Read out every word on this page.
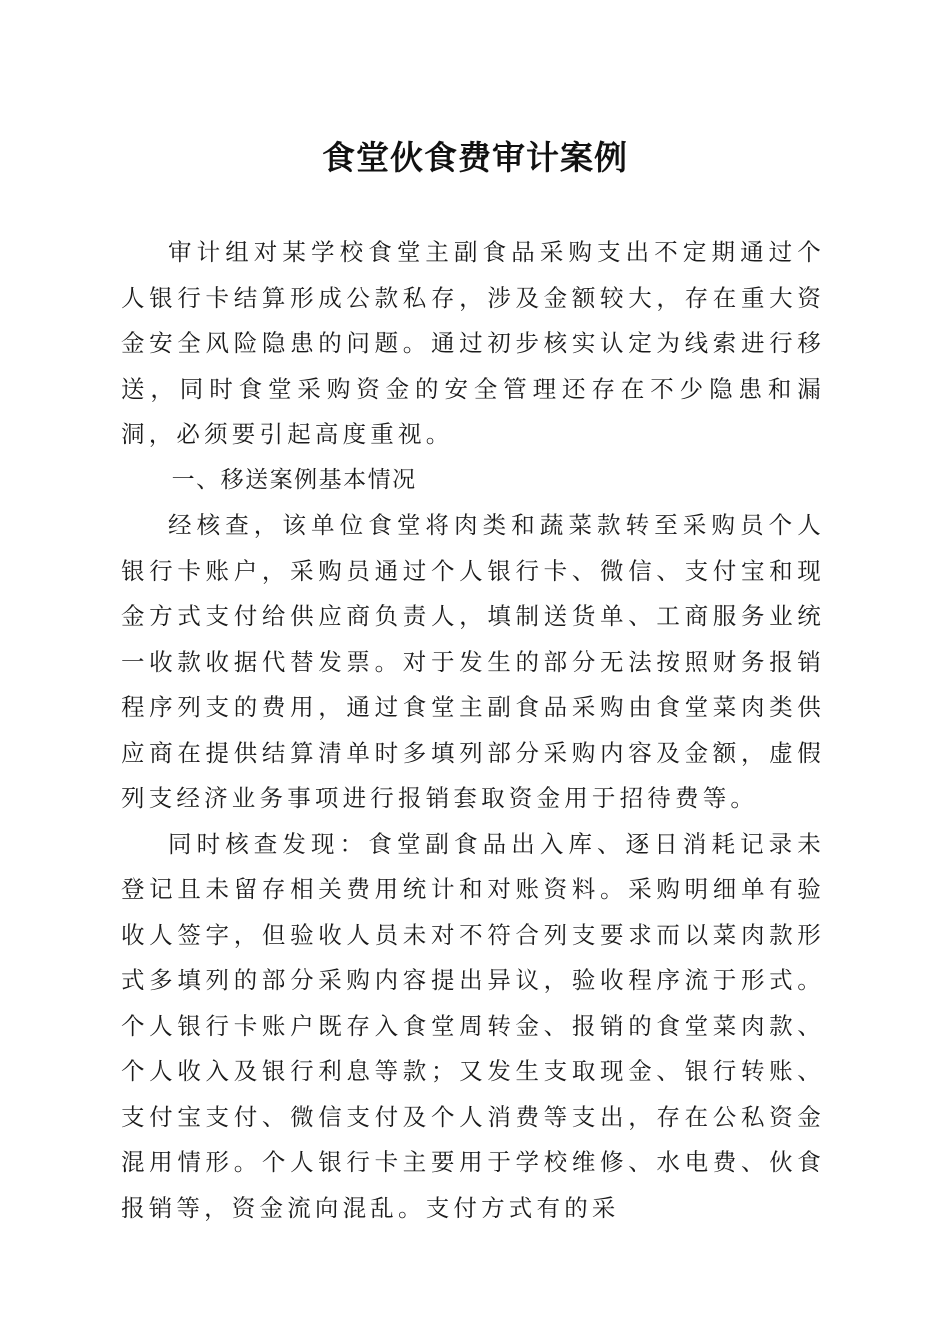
食堂伙食费审计案例

审计组对某学校食堂主副食品采购支出不定期通过个人银行卡结算形成公款私存，涉及金额较大，存在重大资金安全风险隐患的问题。通过初步核实认定为线索进行移送，同时食堂采购资金的安全管理还存在不少隐患和漏洞，必须要引起高度重视。

一、移送案例基本情况

经核查，该单位食堂将肉类和蔬菜款转至采购员个人银行卡账户，采购员通过个人银行卡、微信、支付宝和现金方式支付给供应商负责人，填制送货单、工商服务业统一收款收据代替发票。对于发生的部分无法按照财务报销程序列支的费用，通过食堂主副食品采购由食堂菜肉类供应商在提供结算清单时多填列部分采购内容及金额，虚假列支经济业务事项进行报销套取资金用于招待费等。

同时核查发现：食堂副食品出入库、逐日消耗记录未登记且未留存相关费用统计和对账资料。采购明细单有验收人签字，但验收人员未对不符合列支要求而以菜肉款形式多填列的部分采购内容提出异议，验收程序流于形式。个人银行卡账户既存入食堂周转金、报销的食堂菜肉款、个人收入及银行利息等款；又发生支取现金、银行转账、支付宝支付、微信支付及个人消费等支出，存在公私资金混用情形。个人银行卡主要用于学校维修、水电费、伙食报销等，资金流向混乱。支付方式有的采
